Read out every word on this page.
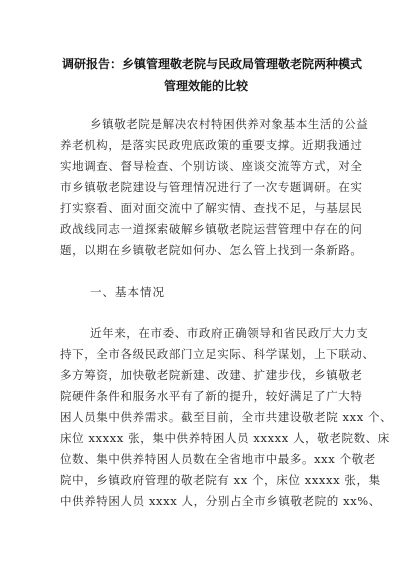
调研报告：乡镇管理敬老院与民政局管理敬老院两种模式
管理效能的比较
乡镇敬老院是解决农村特困供养对象基本生活的公益
养老机构，是落实民政兜底政策的重要支撑。近期我通过
实地调查、督导检查、个别访谈、座谈交流等方式，对全
市乡镇敬老院建设与管理情况进行了一次专题调研。在实
打实察看、面对面交流中了解实情、查找不足，与基层民
政战线同志一道探索破解乡镇敬老院运营管理中存在的问
题，以期在乡镇敬老院如何办、怎么管上找到一条新路。
一、基本情况
近年来，在市委、市政府正确领导和省民政厅大力支
持下，全市各级民政部门立足实际、科学谋划，上下联动、
多方筹资，加快敬老院新建、改建、扩建步伐，乡镇敬老
院硬件条件和服务水平有了新的提升，较好满足了广大特
困人员集中供养需求。截至目前，全市共建设敬老院 xxx 个、
床位 xxxxx 张，集中供养特困人员 xxxxx 人，敬老院数、床
位数、集中供养特困人员数在全省地市中最多。xxx 个敬老
院中，乡镇政府管理的敬老院有 xx 个，床位 xxxxx 张，集
中供养特困人员 xxxx 人，分别占全市乡镇敬老院的 xx%、
